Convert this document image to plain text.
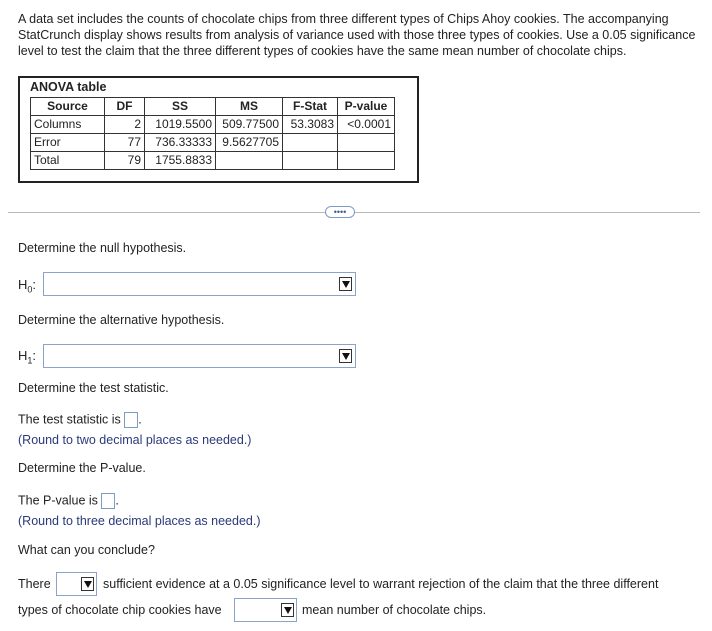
A data set includes the counts of chocolate chips from three different types of Chips Ahoy cookies. The accompanying StatCrunch display shows results from analysis of variance used with those three types of cookies. Use a 0.05 significance level to test the claim that the three different types of cookies have the same mean number of chocolate chips.
ANOVA table
Source	DF	SS	MS	F-Stat	P-value
Columns	2	1019.5500	509.77500	53.3083	<0.0001
Error	77	736.33333	9.5627705		
Total	79	1755.8833			
••••
Determine the null hypothesis.
$H_0$:
Determine the alternative hypothesis.
$H_1$:
Determine the test statistic.
The test statistic is .
(Round to two decimal places as needed.)
Determine the P-value.
The P-value is .
(Round to three decimal places as needed.)
What can you conclude?
There	sufficient evidence at a 0.05 significance level to warrant rejection of the claim that the three different
types of chocolate chip cookies have	mean number of chocolate chips.
